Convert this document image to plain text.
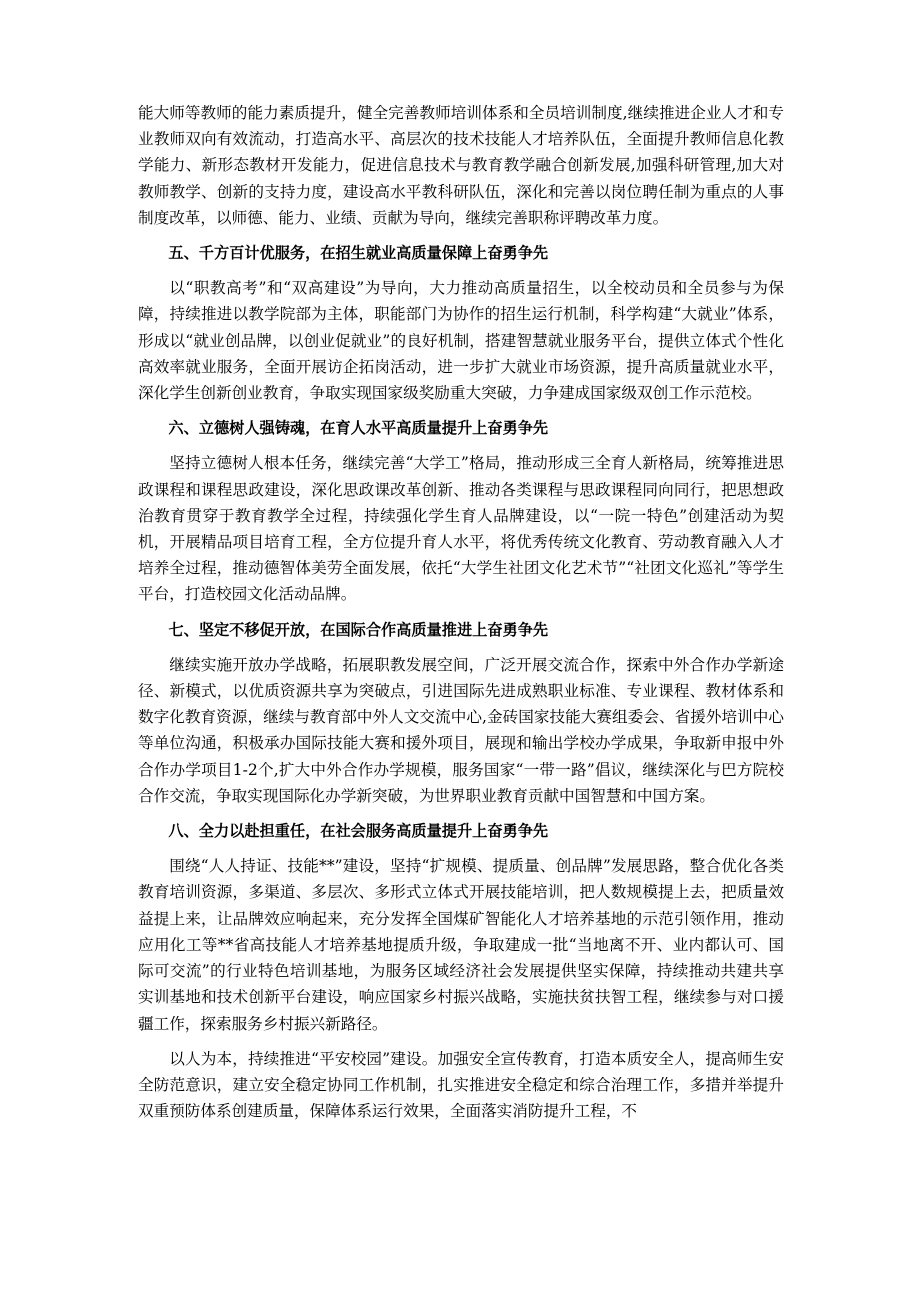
能大师等教师的能力素质提升，健全完善教师培训体系和全员培训制度,继续推进企业人才和专业教师双向有效流动，打造高水平、高层次的技术技能人才培养队伍，全面提升教师信息化教学能力、新形态教材开发能力，促进信息技术与教育教学融合创新发展,加强科研管理,加大对教师教学、创新的支持力度，建设高水平教科研队伍，深化和完善以岗位聘任制为重点的人事制度改革，以师德、能力、业绩、贡献为导向，继续完善职称评聘改革力度。

五、千方百计优服务，在招生就业高质量保障上奋勇争先

以“职教高考”和“双高建设”为导向，大力推动高质量招生，以全校动员和全员参与为保障，持续推进以教学院部为主体，职能部门为协作的招生运行机制，科学构建“大就业”体系，形成以“就业创品牌，以创业促就业”的良好机制，搭建智慧就业服务平台，提供立体式个性化高效率就业服务，全面开展访企拓岗活动，进一步扩大就业市场资源，提升高质量就业水平，深化学生创新创业教育，争取实现国家级奖励重大突破，力争建成国家级双创工作示范校。

六、立德树人强铸魂，在育人水平高质量提升上奋勇争先

坚持立德树人根本任务，继续完善“大学工”格局，推动形成三全育人新格局，统筹推进思政课程和课程思政建设，深化思政课改革创新、推动各类课程与思政课程同向同行，把思想政治教育贯穿于教育教学全过程，持续强化学生育人品牌建设，以“一院一特色”创建活动为契机，开展精品项目培育工程，全方位提升育人水平，将优秀传统文化教育、劳动教育融入人才培养全过程，推动德智体美劳全面发展，依托“大学生社团文化艺术节”“社团文化巡礼”等学生平台，打造校园文化活动品牌。

七、坚定不移促开放，在国际合作高质量推进上奋勇争先

继续实施开放办学战略，拓展职教发展空间，广泛开展交流合作，探索中外合作办学新途径、新模式，以优质资源共享为突破点，引进国际先进成熟职业标准、专业课程、教材体系和数字化教育资源，继续与教育部中外人文交流中心,金砖国家技能大赛组委会、省援外培训中心等单位沟通，积极承办国际技能大赛和援外项目，展现和输出学校办学成果，争取新申报中外合作办学项目1-2个,扩大中外合作办学规模，服务国家“一带一路”倡议，继续深化与巴方院校合作交流，争取实现国际化办学新突破，为世界职业教育贡献中国智慧和中国方案。

八、全力以赴担重任，在社会服务高质量提升上奋勇争先

围绕“人人持证、技能**”建设，坚持“扩规模、提质量、创品牌”发展思路，整合优化各类教育培训资源，多渠道、多层次、多形式立体式开展技能培训，把人数规模提上去，把质量效益提上来，让品牌效应响起来，充分发挥全国煤矿智能化人才培养基地的示范引领作用，推动应用化工等**省高技能人才培养基地提质升级，争取建成一批“当地离不开、业内都认可、国际可交流”的行业特色培训基地，为服务区域经济社会发展提供坚实保障，持续推动共建共享实训基地和技术创新平台建设，响应国家乡村振兴战略，实施扶贫扶智工程，继续参与对口援疆工作，探索服务乡村振兴新路径。

以人为本，持续推进“平安校园”建设。加强安全宣传教育，打造本质安全人，提高师生安全防范意识，建立安全稳定协同工作机制，扎实推进安全稳定和综合治理工作，多措并举提升双重预防体系创建质量，保障体系运行效果，全面落实消防提升工程，不
